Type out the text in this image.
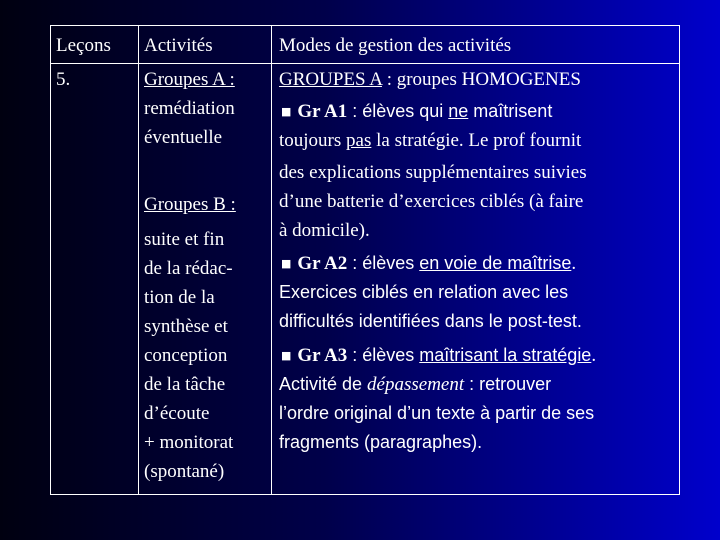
Leçons Activités	Modes de gestion des activités
5.	Groupes A :
remédiation
éventuelle
Groupes B :
suite et fin
de la rédac-
tion de la
synthèse et
conception
de la tâche
d’écoute
+ monitorat
(spontané)
GROUPES A : groupes HOMOGENES
■ Gr A1 : élèves qui ne maîtrisent
toujours pas la stratégie. Le prof fournit
des explications supplémentaires suivies
d’une batterie d’exercices ciblés (à faire
à domicile).
■ Gr A2 : élèves en voie de maîtrise.
Exercices ciblés en relation avec les
difficultés identifiées dans le post-test.
■ Gr A3 : élèves maîtrisant la stratégie.
Activité de dépassement : retrouver
l’ordre original d’un texte à partir de ses
fragments (paragraphes).
